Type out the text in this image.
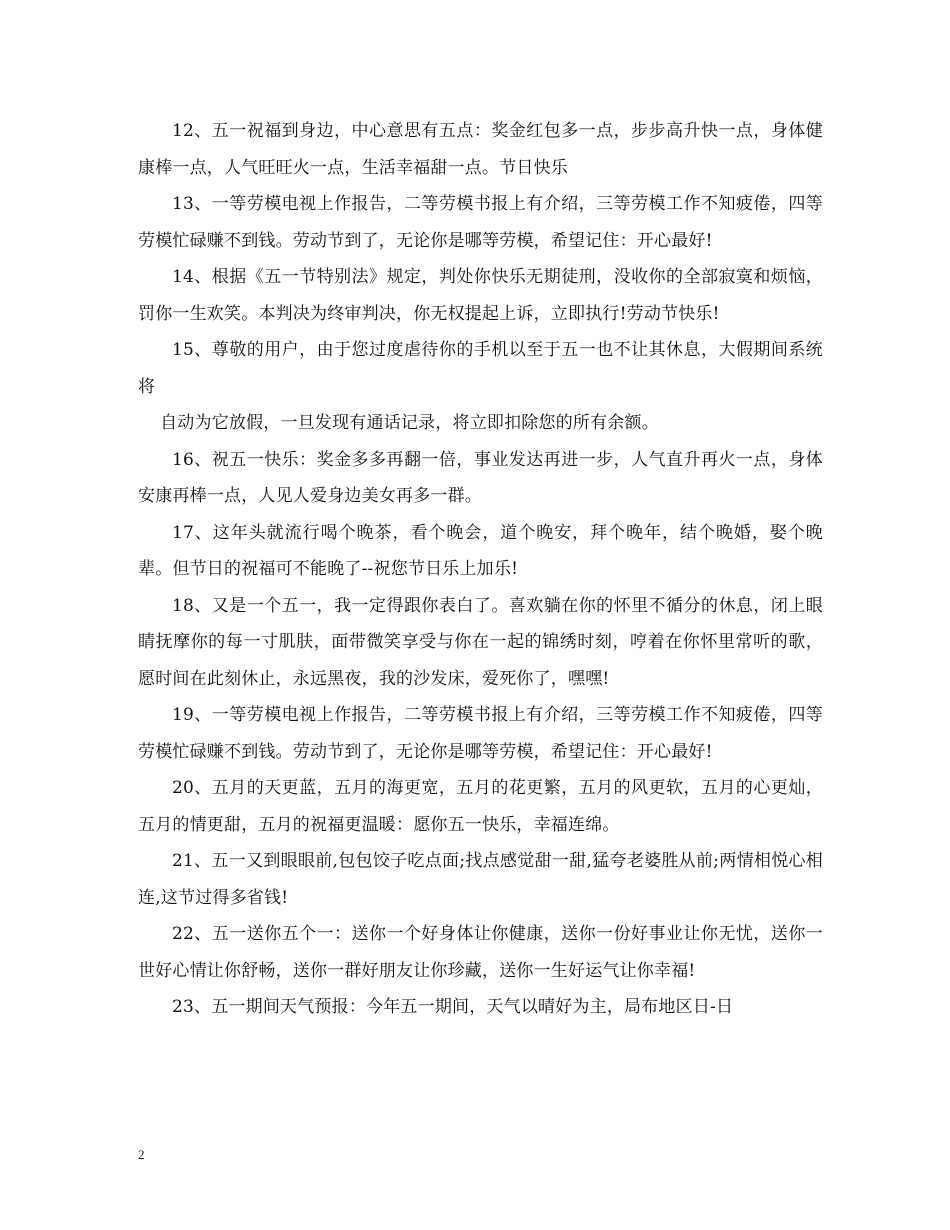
12、五一祝福到身边，中心意思有五点：奖金红包多一点，步步高升快一点，身体健康棒一点，人气旺旺火一点，生活幸福甜一点。节日快乐

13、一等劳模电视上作报告，二等劳模书报上有介绍，三等劳模工作不知疲倦，四等劳模忙碌赚不到钱。劳动节到了，无论你是哪等劳模，希望记住：开心最好!

14、根据《五一节特别法》规定，判处你快乐无期徒刑，没收你的全部寂寞和烦恼，罚你一生欢笑。本判决为终审判决，你无权提起上诉，立即执行!劳动节快乐!

15、尊敬的用户，由于您过度虐待你的手机以至于五一也不让其休息，大假期间系统将

自动为它放假，一旦发现有通话记录，将立即扣除您的所有余额。

16、祝五一快乐：奖金多多再翻一倍，事业发达再进一步，人气直升再火一点，身体安康再棒一点，人见人爱身边美女再多一群。

17、这年头就流行喝个晚茶，看个晚会，道个晚安，拜个晚年，结个晚婚，娶个晚辈。但节日的祝福可不能晚了--祝您节日乐上加乐!

18、又是一个五一，我一定得跟你表白了。喜欢躺在你的怀里不循分的休息，闭上眼睛抚摩你的每一寸肌肤，面带微笑享受与你在一起的锦绣时刻，哼着在你怀里常听的歌，愿时间在此刻休止，永远黑夜，我的沙发床，爱死你了，嘿嘿!

19、一等劳模电视上作报告，二等劳模书报上有介绍，三等劳模工作不知疲倦，四等劳模忙碌赚不到钱。劳动节到了，无论你是哪等劳模，希望记住：开心最好!

20、五月的天更蓝，五月的海更宽，五月的花更繁，五月的风更软，五月的心更灿，五月的情更甜，五月的祝福更温暖：愿你五一快乐，幸福连绵。

21、五一又到眼眼前,包包饺子吃点面;找点感觉甜一甜,猛夸老婆胜从前;两情相悦心相连,这节过得多省钱!

22、五一送你五个一：送你一个好身体让你健康，送你一份好事业让你无忧，送你一世好心情让你舒畅，送你一群好朋友让你珍藏，送你一生好运气让你幸福!

23、五一期间天气预报：今年五一期间，天气以晴好为主，局布地区日-日

2
